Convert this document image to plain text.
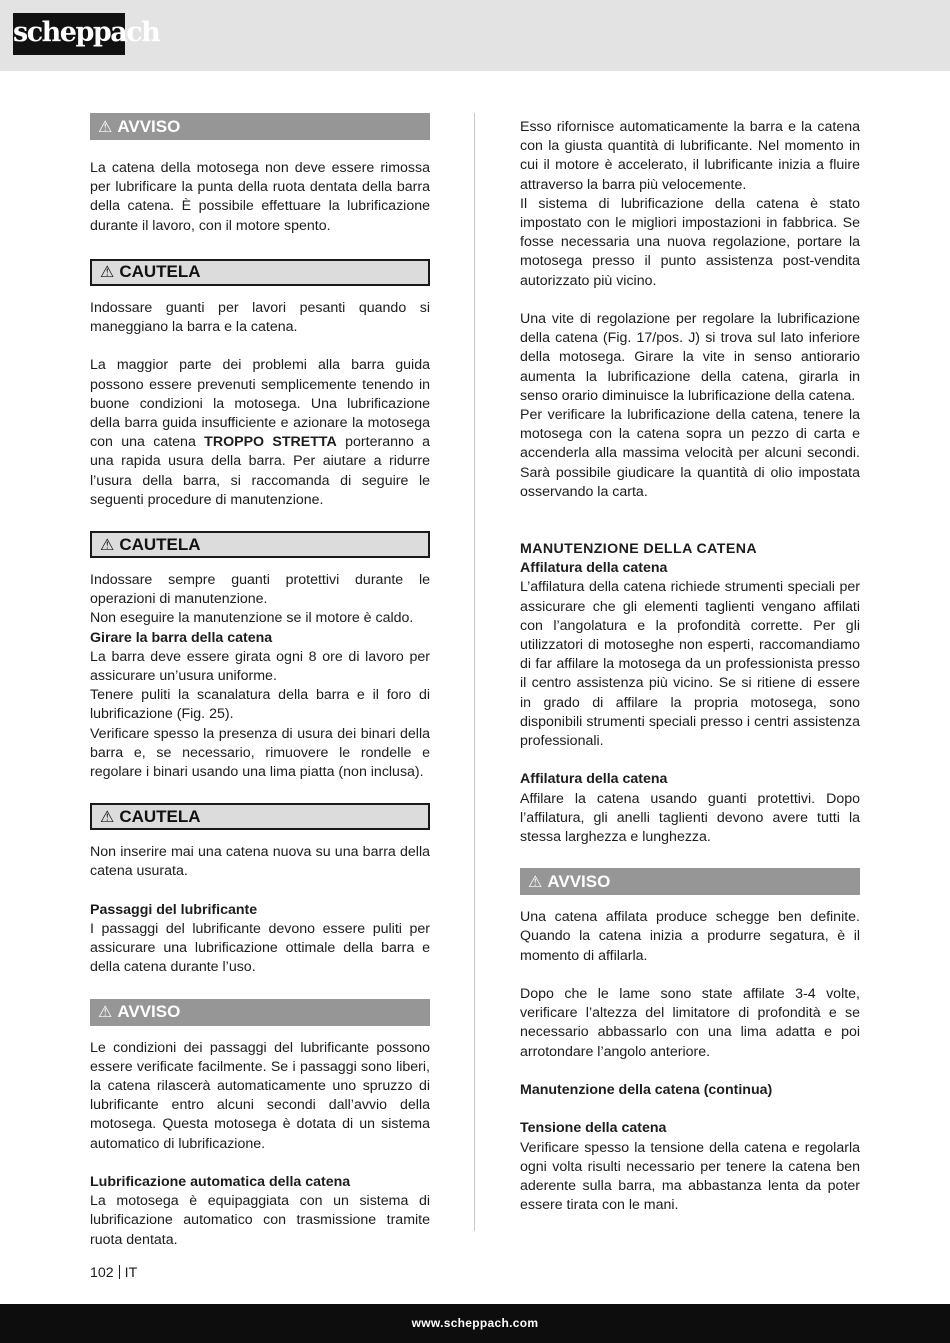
scheppach
⚠ AVVISO

La catena della motosega non deve essere rimossa per lubrificare la punta della ruota dentata della barra della catena. È possibile effettuare la lubrificazione durante il lavoro, con il motore spento.

⚠ CAUTELA

Indossare guanti per lavori pesanti quando si maneggiano la barra e la catena.

La maggior parte dei problemi alla barra guida possono essere prevenuti semplicemente tenendo in buone condizioni la motosega. Una lubrificazione della barra guida insufficiente e azionare la motosega con una catena TROPPO STRETTA porteranno a una rapida usura della barra. Per aiutare a ridurre l’usura della barra, si raccomanda di seguire le seguenti procedure di manutenzione.

⚠ CAUTELA

Indossare sempre guanti protettivi durante le operazioni di manutenzione.

Non eseguire la manutenzione se il motore è caldo.

Girare la barra della catena

La barra deve essere girata ogni 8 ore di lavoro per assicurare un’usura uniforme.

Tenere puliti la scanalatura della barra e il foro di lubrificazione (Fig. 25).

Verificare spesso la presenza di usura dei binari della barra e, se necessario, rimuovere le rondelle e regolare i binari usando una lima piatta (non inclusa).

⚠ CAUTELA

Non inserire mai una catena nuova su una barra della catena usurata.

Passaggi del lubrificante

I passaggi del lubrificante devono essere puliti per assicurare una lubrificazione ottimale della barra e della catena durante l’uso.

⚠ AVVISO

Le condizioni dei passaggi del lubrificante possono essere verificate facilmente. Se i passaggi sono liberi, la catena rilascerà automaticamente uno spruzzo di lubrificante entro alcuni secondi dall’avvio della motosega. Questa motosega è dotata di un sistema automatico di lubrificazione.

Lubrificazione automatica della catena

La motosega è equipaggiata con un sistema di lubrificazione automatico con trasmissione tramite ruota dentata.

Esso rifornisce automaticamente la barra e la catena con la giusta quantità di lubrificante. Nel momento in cui il motore è accelerato, il lubrificante inizia a fluire attraverso la barra più velocemente.

Il sistema di lubrificazione della catena è stato impostato con le migliori impostazioni in fabbrica. Se fosse necessaria una nuova regolazione, portare la motosega presso il punto assistenza post-vendita autorizzato più vicino.

Una vite di regolazione per regolare la lubrificazione della catena (Fig. 17/pos. J) si trova sul lato inferiore della motosega. Girare la vite in senso antiorario aumenta la lubrificazione della catena, girarla in senso orario diminuisce la lubrificazione della catena.

Per verificare la lubrificazione della catena, tenere la motosega con la catena sopra un pezzo di carta e accenderla alla massima velocità per alcuni secondi. Sarà possibile giudicare la quantità di olio impostata osservando la carta.

MANUTENZIONE DELLA CATENA
Affilatura della catena

L’affilatura della catena richiede strumenti speciali per assicurare che gli elementi taglienti vengano affilati con l’angolatura e la profondità corrette. Per gli utilizzatori di motoseghe non esperti, raccomandiamo di far affilare la motosega da un professionista presso il centro assistenza più vicino. Se si ritiene di essere in grado di affilare la propria motosega, sono disponibili strumenti speciali presso i centri assistenza professionali.

Affilatura della catena

Affilare la catena usando guanti protettivi. Dopo l’affilatura, gli anelli taglienti devono avere tutti la stessa larghezza e lunghezza.

⚠ AVVISO

Una catena affilata produce schegge ben definite. Quando la catena inizia a produrre segatura, è il momento di affilarla.

Dopo che le lame sono state affilate 3-4 volte, verificare l’altezza del limitatore di profondità e se necessario abbassarlo con una lima adatta e poi arrotondare l’angolo anteriore.

Manutenzione della catena (continua)
Tensione della catena

Verificare spesso la tensione della catena e regolarla ogni volta risulti necessario per tenere la catena ben aderente sulla barra, ma abbastanza lenta da poter essere tirata con le mani.

102 IT
www.scheppach.com
